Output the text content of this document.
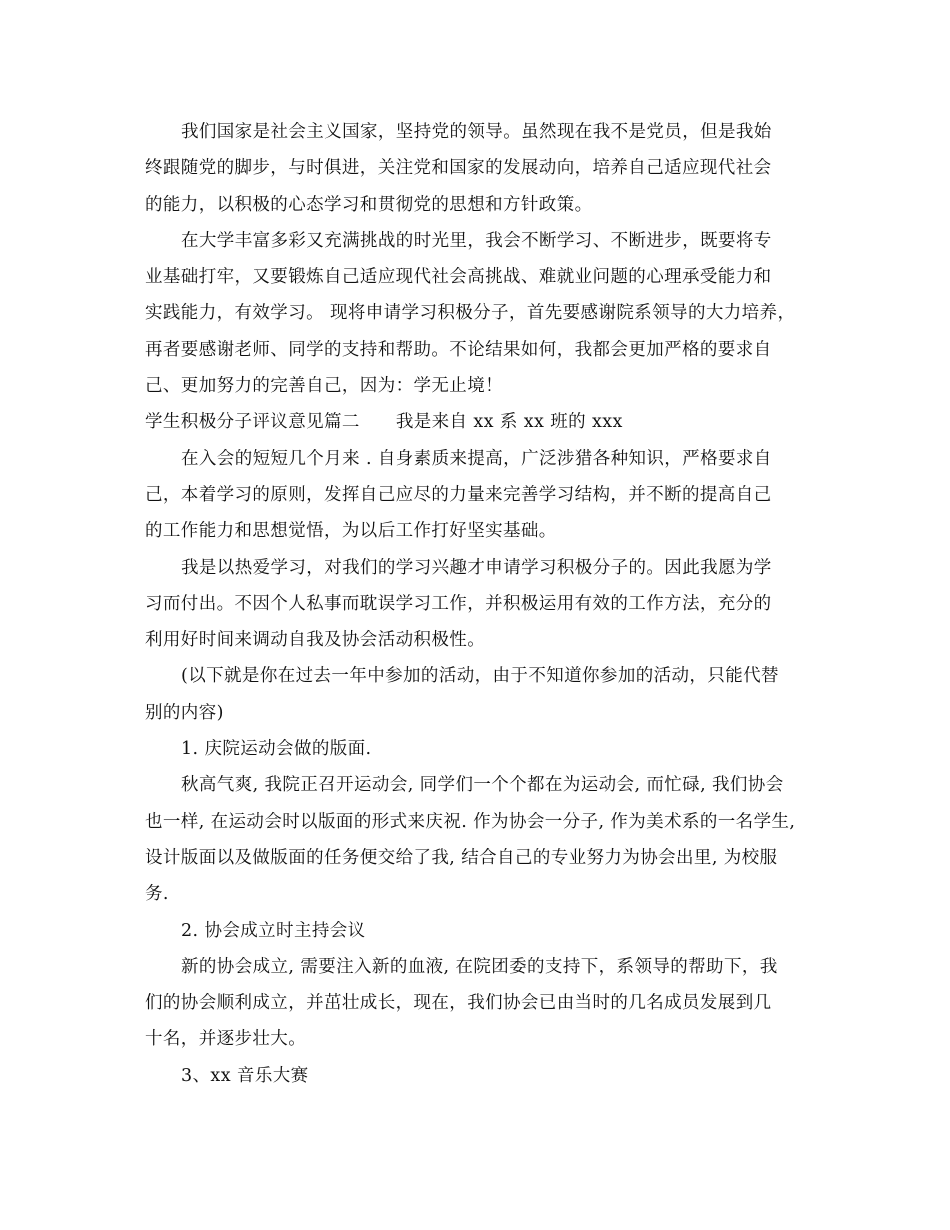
我们国家是社会主义国家，坚持党的领导。虽然现在我不是党员，但是我始
终跟随党的脚步，与时俱进，关注党和国家的发展动向，培养自己适应现代社会
的能力，以积极的心态学习和贯彻党的思想和方针政策。
在大学丰富多彩又充满挑战的时光里，我会不断学习、不断进步，既要将专
业基础打牢，又要锻炼自己适应现代社会高挑战、难就业问题的心理承受能力和
实践能力，有效学习。 现将申请学习积极分子，首先要感谢院系领导的大力培养，
再者要感谢老师、同学的支持和帮助。不论结果如何，我都会更加严格的要求自
己、更加努力的完善自己，因为：学无止境！
学生积极分子评议意见篇二 我是来自 xx 系 xx 班的 xxx
在入会的短短几个月来 . 自身素质来提高，广泛涉猎各种知识，严格要求自
己，本着学习的原则，发挥自己应尽的力量来完善学习结构，并不断的提高自己
的工作能力和思想觉悟，为以后工作打好坚实基础。
我是以热爱学习，对我们的学习兴趣才申请学习积极分子的。因此我愿为学
习而付出。不因个人私事而耽误学习工作，并积极运用有效的工作方法，充分的
利用好时间来调动自我及协会活动积极性。
(以下就是你在过去一年中参加的活动，由于不知道你参加的活动，只能代替
别的内容)
1. 庆院运动会做的版面.
秋高气爽, 我院正召开运动会, 同学们一个个都在为运动会, 而忙碌, 我们协会
也一样, 在运动会时以版面的形式来庆祝. 作为协会一分子, 作为美术系的一名学生,
设计版面以及做版面的任务便交给了我, 结合自己的专业努力为协会出里, 为校服
务.
2. 协会成立时主持会议
新的协会成立, 需要注入新的血液, 在院团委的支持下，系领导的帮助下，我
们的协会顺利成立，并茁壮成长，现在，我们协会已由当时的几名成员发展到几
十名，并逐步壮大。
3、xx 音乐大赛
